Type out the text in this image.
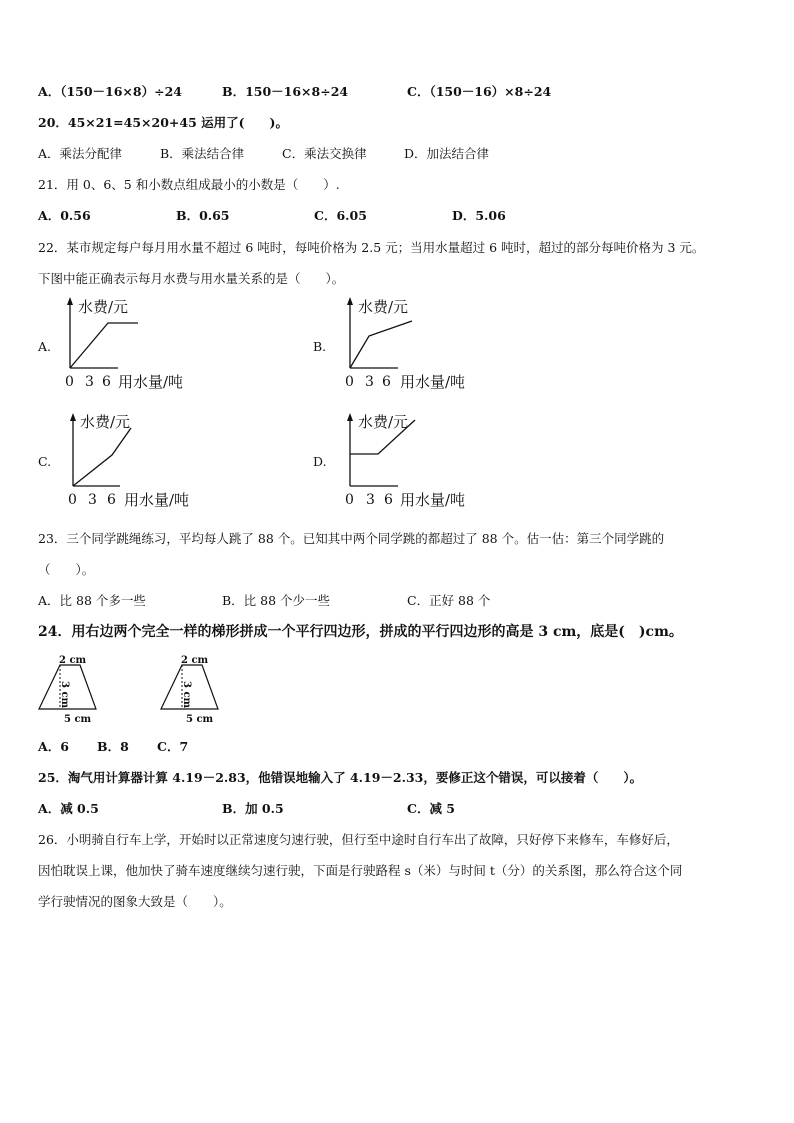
A．（150－16×8）÷24	B．150－16×8÷24	C．（150－16）×8÷24
20．45×21=45×20+45 运用了(　　)。
A．乘法分配律	B．乘法结合律	C．乘法交换律	D．加法结合律
21．用 0、6、5 和小数点组成最小的小数是（　　）.
A．0.56	B．0.65	C．6.05	D．5.06
22．某市规定每户每月用水量不超过 6 吨时，每吨价格为 2.5 元；当用水量超过 6 吨时，超过的部分每吨价格为 3 元。
下图中能正确表示每月水费与用水量关系的是（　　）。
A.
水费/元
0 3 6 用水量/吨
B.
水费/元
0 3 6 用水量/吨
C.
水费/元
0 3 6 用水量/吨
D.
水费/元
0 3 6 用水量/吨
23．三个同学跳绳练习，平均每人跳了 88 个。已知其中两个同学跳的都超过了 88 个。估一估：第三个同学跳的
（　　）。
A．比 88 个多一些	B．比 88 个少一些	C．正好 88 个
24．用右边两个完全一样的梯形拼成一个平行四边形，拼成的平行四边形的高是 3 cm，底是(　)cm。
2 cm
3 cm
5 cm
2 cm
3 cm
5 cm
A．6 B．8 C．7
25．淘气用计算器计算 4.19－2.83，他错误地输入了 4.19－2.33，要修正这个错误，可以接着（　　）。
A．减 0.5	B．加 0.5	C．减 5
26．小明骑自行车上学，开始时以正常速度匀速行驶，但行至中途时自行车出了故障，只好停下来修车，车修好后，
因怕耽误上课，他加快了骑车速度继续匀速行驶，下面是行驶路程 s（米）与时间 t（分）的关系图，那么符合这个同
学行驶情况的图象大致是（　　）。
